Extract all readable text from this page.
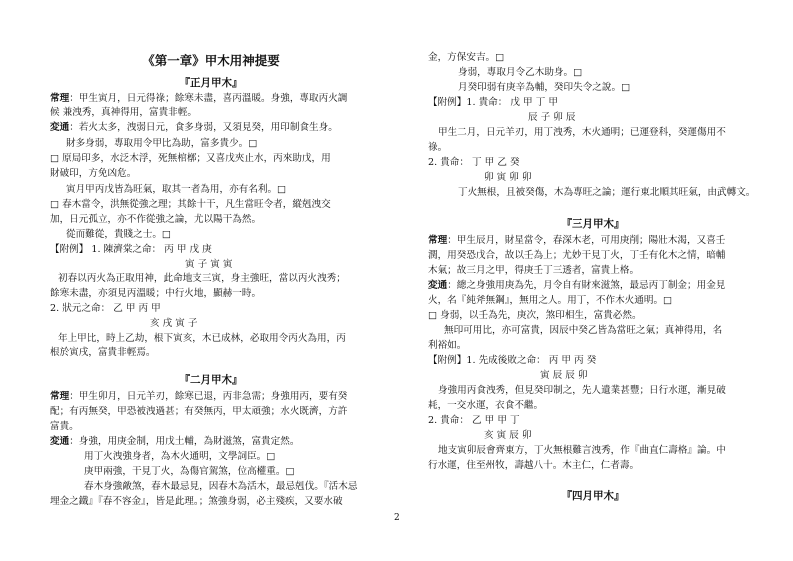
《第一章》甲木用神提要
『正月甲木』
常理：甲生寅月，日元得祿；餘寒未盡，喜丙溫暖。身強，專取丙火調
候 兼洩秀，真神得用，富貴非輕。
変通：若火太多，洩弱日元，食多身弱，又須見癸，用印制食生身。
財多身弱，專取用令甲比為助，富多貴少。□
□ 原局印多，水泛木浮，死無棺槨；又喜戊夾止水，丙來助戊，用
財破印，方免凶危。
寅月甲丙戊皆為旺氣，取其一者為用，亦有名利。□
□ 春木當令，洪無從強之理；其餘十干，凡生當旺令者，縱剋洩交
加，日元孤立，亦不作從強之論，尤以陽干為然。
從而難從，貴賤之士。□
【附例】 1. 陳濟棠之命： 丙 甲 戊 庚
寅 子 寅 寅
初春以丙火為正取用神，此命地支三寅，身主強旺，當以丙火洩秀；
餘寒未盡，亦須見丙溫暖；中行火地，顯赫一時。
2. 狀元之命： 乙 甲 丙 甲
亥 戌 寅 子
年上甲比，時上乙劫，根下寅亥，木已成林，必取用令丙火為用，丙
根於寅戌，富貴非輕焉。
『二月甲木』
常理：甲生卯月，日元羊刃，餘寒已退，丙非急需；身強用丙，要有癸
配；有丙無癸，甲恐被洩過甚；有癸無丙，甲太頑強；水火既濟，方許
富貴。
変通：身強，用庚金制，用戊土輔，為財滋煞，富貴定然。
用丁火洩強身者，為木火通明，文學詞臣。□
庚甲兩強，干見丁火，為傷官駕煞，位高權重。□
春木身強敵煞，春木最忌見，因春木為活木，最忌剋伐。『活木忌
埋金之鐵』『春不容金』，皆是此理。；煞強身弱，必主殘疾，又要水破
金，方保安吉。□
身弱，專取月令乙木助身。□
月癸印弱有庚辛為輔，癸印失令之說。□
【附例】1. 貴命： 戊 甲 丁 甲
辰 子 卯 辰
甲生二月，日元羊刃，用丁洩秀，木火通明；已運登科，癸運傷用不
祿。
2. 貴命： 丁 甲 乙 癸
卯 寅 卯 卯
丁火無根，且被癸傷，木為專旺之論；運行東北順其旺氣，由武轉文。
『三月甲木』
常理：甲生辰月，財星當令，春深木老，可用庚削；陽壯木渴，又喜壬
潤，用癸恐戊合，故以壬為上；尤妙干見丁火，丁壬有化木之情，暗輔
木氣；故三月之甲，得庚壬丁三透者，富貴上格。
変通：總之身強用庚為先，月令自有財來滋煞，最忌丙丁制金；用金見
火，名『純斧無鋼』，無用之人。用丁，不作木火通明。□
□ 身弱，以壬為先，庚次，煞印相生，富貴必然。
無印可用比，亦可富貴，因辰中癸乙皆為當旺之氣；真神得用，名
利裕如。
【附例】1. 先成後敗之命： 丙 甲 丙 癸
寅 辰 辰 卯
身強用丙食洩秀，但見癸印制之，先人遺業甚豐；日行水運，漸見破
耗，一交水運，衣食不繼。
2. 貴命： 乙 甲 甲 丁
亥 寅 辰 卯
地支寅卯辰會齊東方，丁火無根難言洩秀，作『曲直仁壽格』論。中
行水運，住至州牧，壽越八十。木主仁，仁者壽。
『四月甲木』
2
